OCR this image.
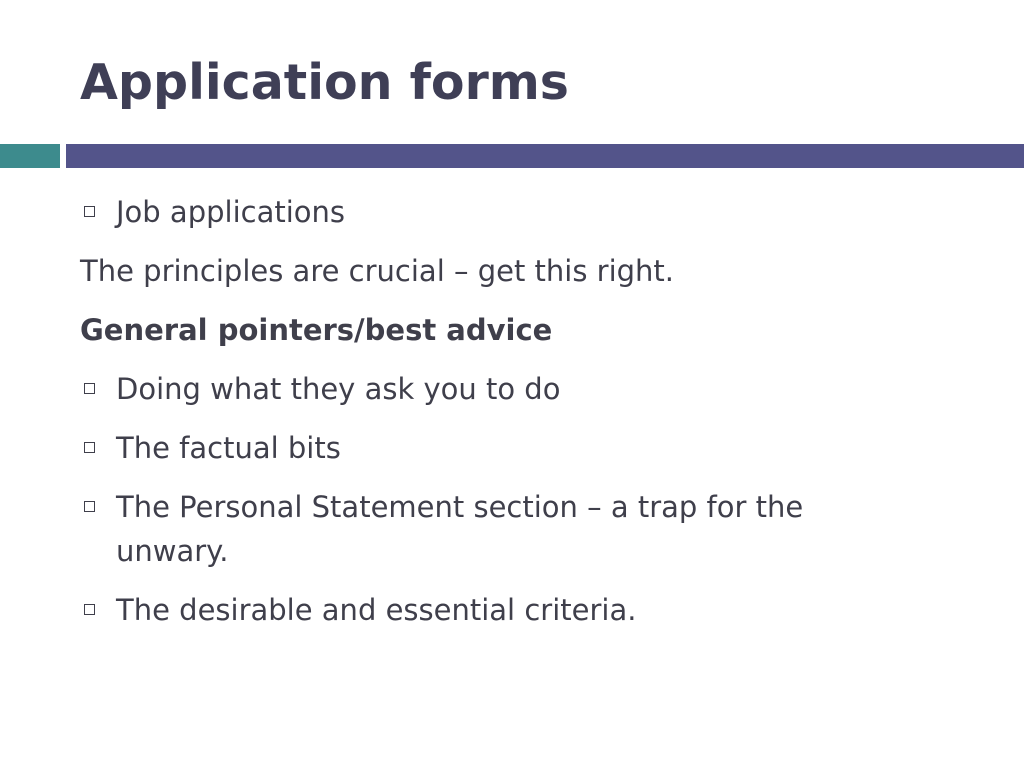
Application forms

Job applications

The principles are crucial – get this right.

General pointers/best advice

Doing what they ask you to do

The factual bits

The Personal Statement section – a trap for the unwary.

The desirable and essential criteria.
